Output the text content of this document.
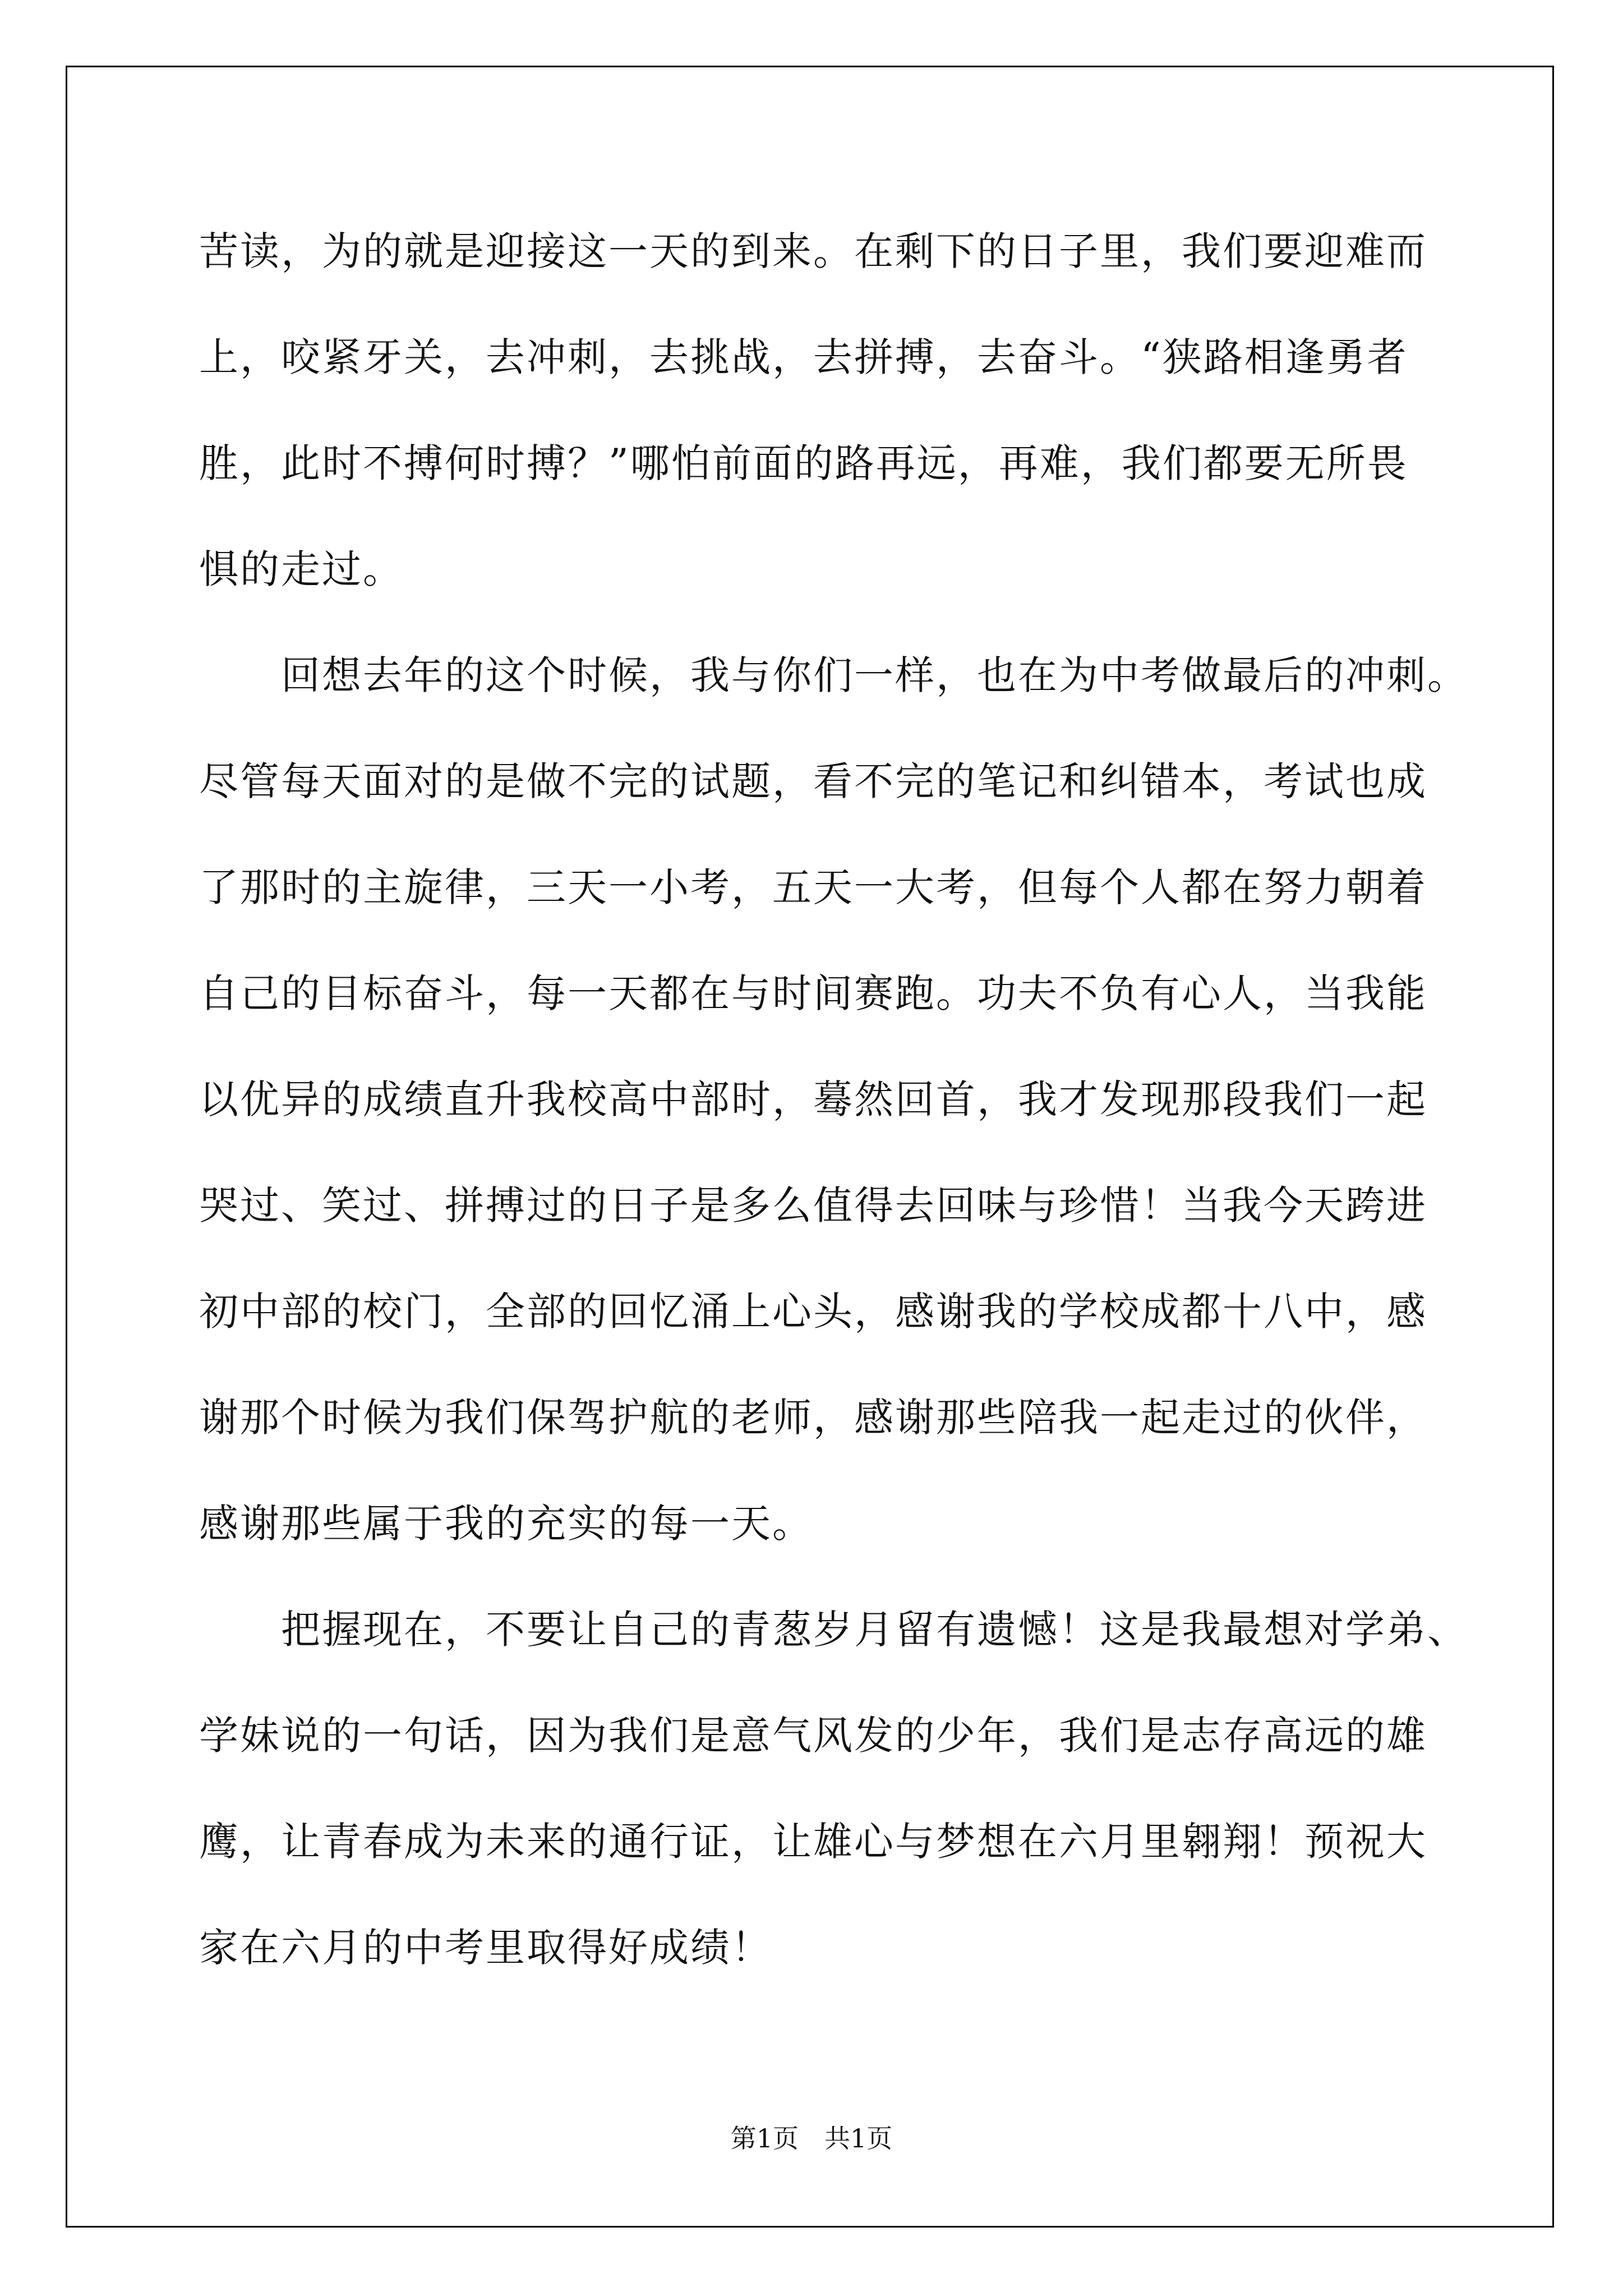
苦读，为的就是迎接这一天的到来。在剩下的日子里，我们要迎难而
上，咬紧牙关，去冲刺，去挑战，去拼搏，去奋斗。“狭路相逢勇者
胜，此时不搏何时搏？”哪怕前面的路再远，再难，我们都要无所畏
惧的走过。
回想去年的这个时候，我与你们一样，也在为中考做最后的冲刺。
尽管每天面对的是做不完的试题，看不完的笔记和纠错本，考试也成
了那时的主旋律，三天一小考，五天一大考，但每个人都在努力朝着
自己的目标奋斗，每一天都在与时间赛跑。功夫不负有心人，当我能
以优异的成绩直升我校高中部时，蓦然回首，我才发现那段我们一起
哭过、笑过、拼搏过的日子是多么值得去回味与珍惜！当我今天跨进
初中部的校门，全部的回忆涌上心头，感谢我的学校成都十八中，感
谢那个时候为我们保驾护航的老师，感谢那些陪我一起走过的伙伴，
感谢那些属于我的充实的每一天。
把握现在，不要让自己的青葱岁月留有遗憾！这是我最想对学弟、
学妹说的一句话，因为我们是意气风发的少年，我们是志存高远的雄
鹰，让青春成为未来的通行证，让雄心与梦想在六月里翱翔！预祝大
家在六月的中考里取得好成绩！
第1页　共1页
